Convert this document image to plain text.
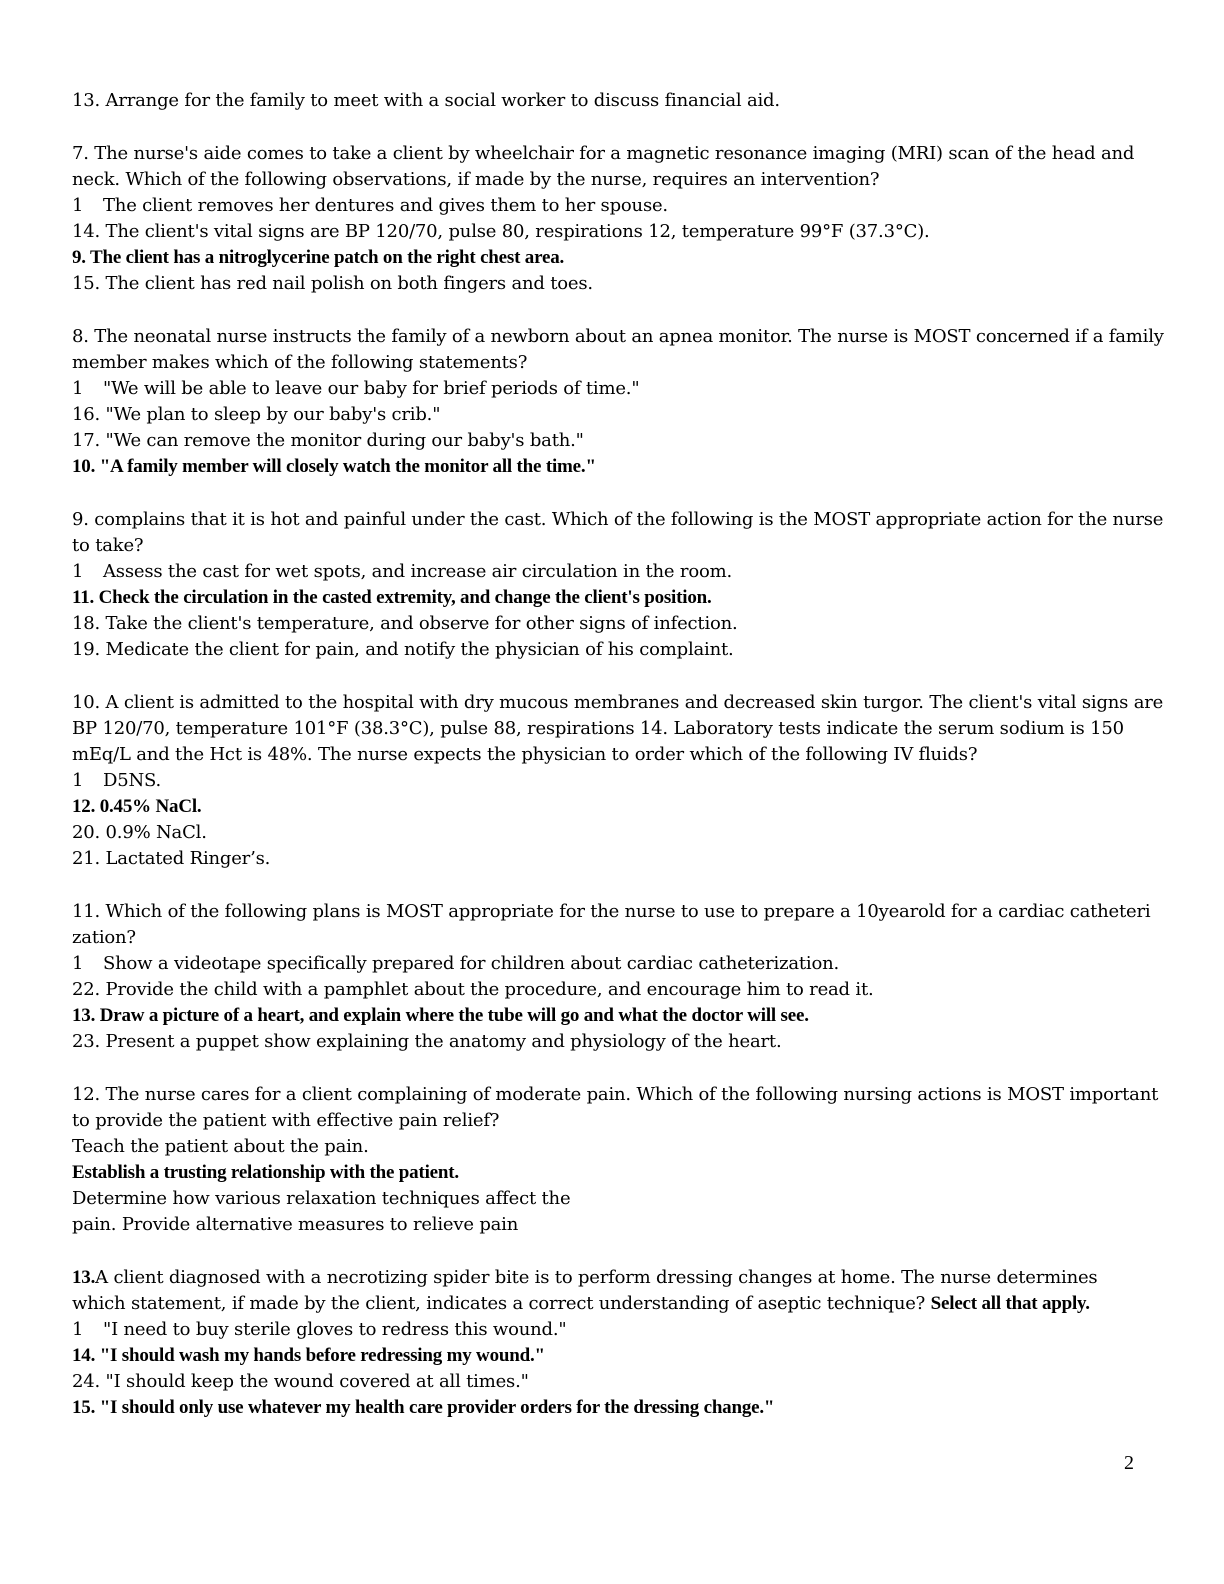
13. Arrange for the family to meet with a social worker to discuss financial aid.
7. The nurse's aide comes to take a client by wheelchair for a magnetic resonance imaging (MRI) scan of the head and
neck. Which of the following observations, if made by the nurse, requires an intervention?
1 The client removes her dentures and gives them to her spouse.
14. The client's vital signs are BP 120/70, pulse 80, respirations 12, temperature 99°F (37.3°C).
9. The client has a nitroglycerine patch on the right chest area.
15. The client has red nail polish on both fingers and toes.
8. The neonatal nurse instructs the family of a newborn about an apnea monitor. The nurse is MOST concerned if a family
member makes which of the following statements?
1 "We will be able to leave our baby for brief periods of time."
16. "We plan to sleep by our baby's crib."
17. "We can remove the monitor during our baby's bath."
10. "A family member will closely watch the monitor all the time."
9. complains that it is hot and painful under the cast. Which of the following is the MOST appropriate action for the nurse
to take?
1 Assess the cast for wet spots, and increase air circulation in the room.
11. Check the circulation in the casted extremity, and change the client's position.
18. Take the client's temperature, and observe for other signs of infection.
19. Medicate the client for pain, and notify the physician of his complaint.
10. A client is admitted to the hospital with dry mucous membranes and decreased skin turgor. The client's vital signs are
BP 120/70, temperature 101°F (38.3°C), pulse 88, respirations 14. Laboratory tests indicate the serum sodium is 150
mEq/L and the Hct is 48%. The nurse expects the physician to order which of the following IV fluids?
1 D5NS.
12. 0.45% NaCl.
20. 0.9% NaCl.
21. Lactated Ringer’s.
11. Which of the following plans is MOST appropriate for the nurse to use to prepare a 10yearold for a cardiac catheteri
zation?
1 Show a videotape specifically prepared for children about cardiac catheterization.
22. Provide the child with a pamphlet about the procedure, and encourage him to read it.
13. Draw a picture of a heart, and explain where the tube will go and what the doctor will see.
23. Present a puppet show explaining the anatomy and physiology of the heart.
12. The nurse cares for a client complaining of moderate pain. Which of the following nursing actions is MOST important
to provide the patient with effective pain relief?
Teach the patient about the pain.
Establish a trusting relationship with the patient.
Determine how various relaxation techniques affect the
pain. Provide alternative measures to relieve pain
13.A client diagnosed with a necrotizing spider bite is to perform dressing changes at home. The nurse determines
which statement, if made by the client, indicates a correct understanding of aseptic technique? Select all that apply.
1 "I need to buy sterile gloves to redress this wound."
14. "I should wash my hands before redressing my wound."
24. "I should keep the wound covered at all times."
15. "I should only use whatever my health care provider orders for the dressing change."
2
